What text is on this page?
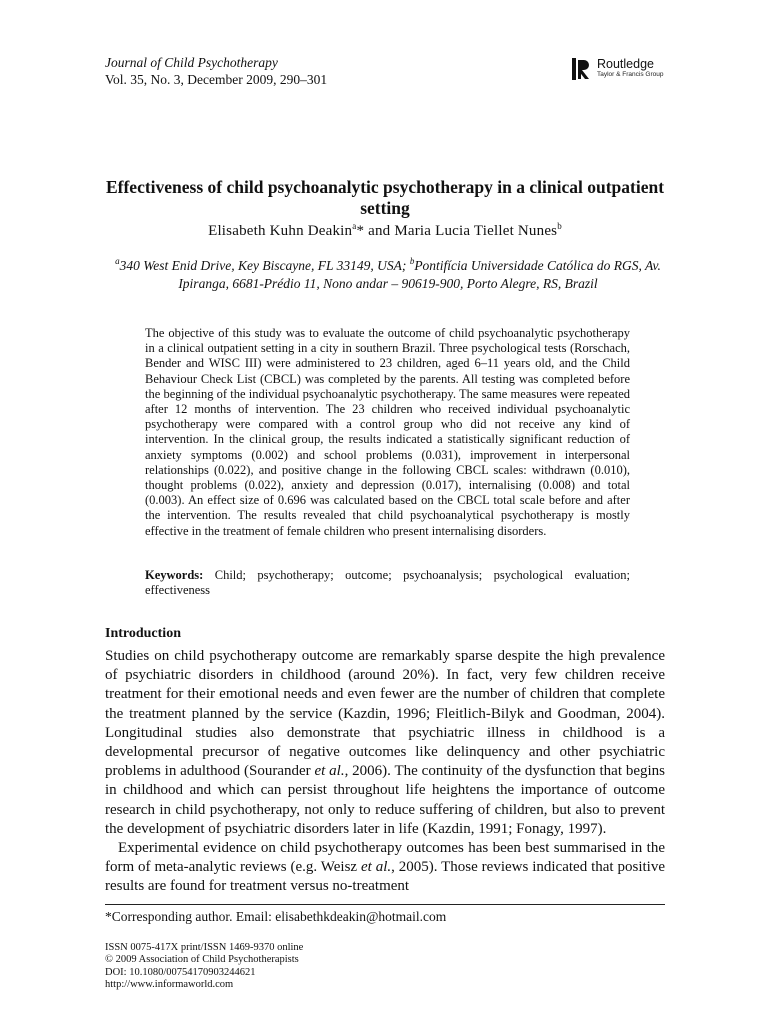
Journal of Child Psychotherapy
Vol. 35, No. 3, December 2009, 290–301
Routledge
Taylor & Francis Group
Effectiveness of child psychoanalytic psychotherapy in a clinical outpatient setting
Elisabeth Kuhn Deakin$^a$* and Maria Lucia Tiellet Nunes$^b$
$^a$340 West Enid Drive, Key Biscayne, FL 33149, USA; $^b$Pontifícia Universidade Católica do RGS, Av. Ipiranga, 6681-Prédio 11, Nono andar – 90619-900, Porto Alegre, RS, Brazil
The objective of this study was to evaluate the outcome of child psychoanalytic psychotherapy in a clinical outpatient setting in a city in southern Brazil. Three psychological tests (Rorschach, Bender and WISC III) were administered to 23 children, aged 6–11 years old, and the Child Behaviour Check List (CBCL) was completed by the parents. All testing was completed before the beginning of the individual psychoanalytic psychotherapy. The same measures were repeated after 12 months of intervention. The 23 children who received individual psychoanalytic psychotherapy were compared with a control group who did not receive any kind of intervention. In the clinical group, the results indicated a statistically significant reduction of anxiety symptoms (0.002) and school problems (0.031), improvement in interpersonal relationships (0.022), and positive change in the following CBCL scales: withdrawn (0.010), thought problems (0.022), anxiety and depression (0.017), internalising (0.008) and total (0.003). An effect size of 0.696 was calculated based on the CBCL total scale before and after the intervention. The results revealed that child psychoanalytical psychotherapy is mostly effective in the treatment of female children who present internalising disorders.
Keywords: Child; psychotherapy; outcome; psychoanalysis; psychological evaluation; effectiveness
Introduction

Studies on child psychotherapy outcome are remarkably sparse despite the high prevalence of psychiatric disorders in childhood (around 20%). In fact, very few children receive treatment for their emotional needs and even fewer are the number of children that complete the treatment planned by the service (Kazdin, 1996; Fleitlich-Bilyk and Goodman, 2004). Longitudinal studies also demonstrate that psychiatric illness in childhood is a developmental precursor of negative outcomes like delinquency and other psychiatric problems in adulthood (Sourander et al., 2006). The continuity of the dysfunction that begins in childhood and which can persist throughout life heightens the importance of outcome research in child psychotherapy, not only to reduce suffering of children, but also to prevent the development of psychiatric disorders later in life (Kazdin, 1991; Fonagy, 1997).

Experimental evidence on child psychotherapy outcomes has been best summarised in the form of meta-analytic reviews (e.g. Weisz et al., 2005). Those reviews indicated that positive results are found for treatment versus no-treatment

*Corresponding author. Email: elisabethkdeakin@hotmail.com
ISSN 0075-417X print/ISSN 1469-9370 online
© 2009 Association of Child Psychotherapists
DOI: 10.1080/00754170903244621
http://www.informaworld.com
